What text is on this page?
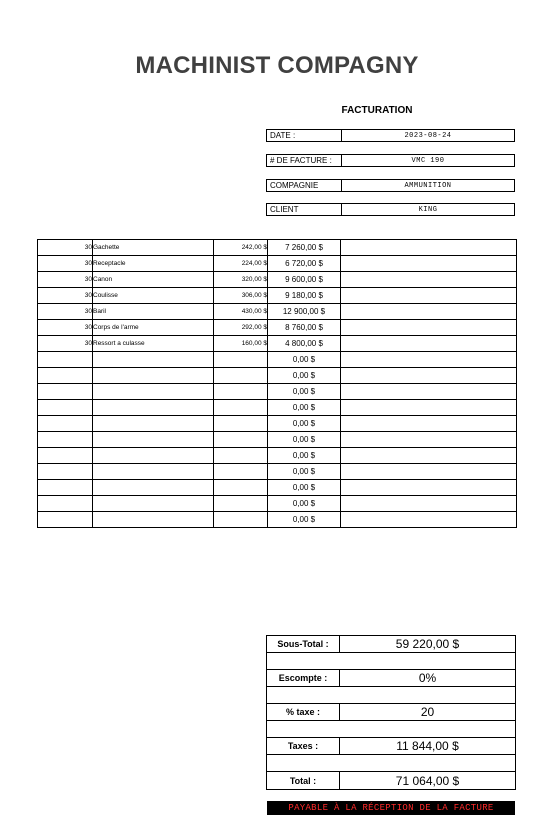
MACHINIST COMPAGNY
FACTURATION
DATE :	2023-08-24
# DE FACTURE :	VMC 190
COMPAGNIE	AMMUNITION
CLIENT	KING
30	Gachette	242,00 $	7 260,00 $	
30	Receptacle	224,00 $	6 720,00 $	
30	Canon	320,00 $	9 600,00 $	
30	Coulisse	306,00 $	9 180,00 $	
30	Baril	430,00 $	12 900,00 $	
30	Corps de l'arme	292,00 $	8 760,00 $	
30	Ressort a culasse	160,00 $	4 800,00 $	
			0,00 $	
			0,00 $	
			0,00 $	
			0,00 $	
			0,00 $	
			0,00 $	
			0,00 $	
			0,00 $	
			0,00 $	
			0,00 $	
			0,00 $	
Sous-Total :	59 220,00 $
Escompte :	0%
% taxe :	20
Taxes :	11 844,00 $
Total :	71 064,00 $
PAYABLE À LA RÉCEPTION DE LA FACTURE
